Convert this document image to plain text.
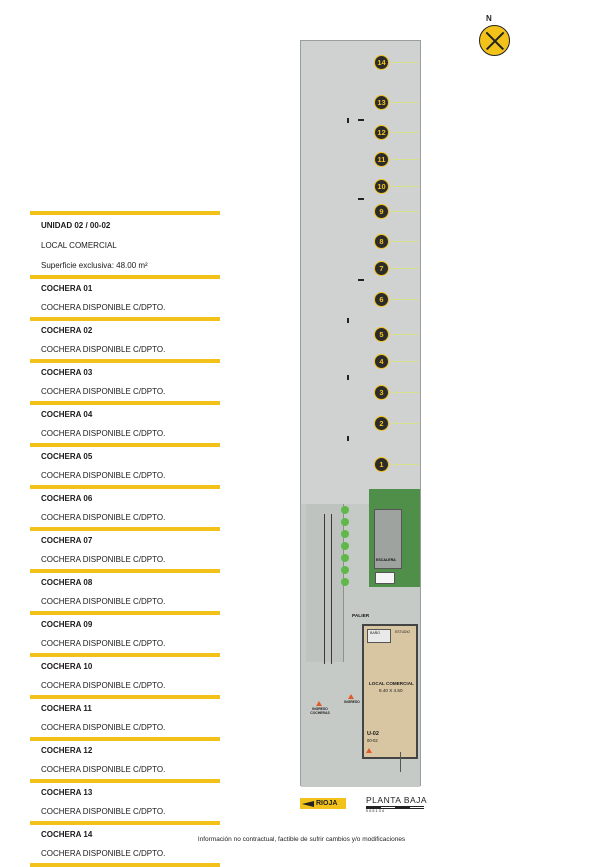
UNIDAD 02 / 00-02
LOCAL COMERCIAL
Superficie exclusiva: 48.00 m²
COCHERA 01
COCHERA DISPONIBLE C/DPTO.
COCHERA 02
COCHERA DISPONIBLE C/DPTO.
COCHERA 03
COCHERA DISPONIBLE C/DPTO.
COCHERA 04
COCHERA DISPONIBLE C/DPTO.
COCHERA 05
COCHERA DISPONIBLE C/DPTO.
COCHERA 06
COCHERA DISPONIBLE C/DPTO.
COCHERA 07
COCHERA DISPONIBLE C/DPTO.
COCHERA 08
COCHERA DISPONIBLE C/DPTO.
COCHERA 09
COCHERA DISPONIBLE C/DPTO.
COCHERA 10
COCHERA DISPONIBLE C/DPTO.
COCHERA 11
COCHERA DISPONIBLE C/DPTO.
COCHERA 12
COCHERA DISPONIBLE C/DPTO.
COCHERA 13
COCHERA DISPONIBLE C/DPTO.
COCHERA 14
COCHERA DISPONIBLE C/DPTO.
14
13
12
11
10
9
8
7
6
5
4
3
2
1
ESCALERA
PALIER
BAÑO	ESTUDIO
LOCAL COMERCIAL
8.40 X 4.50
U-02
00-02
INGRESO COCHERAS
INGRESO
N
RIOJA	PLANTA BAJA
0 0.5 1 3 4
Información no contractual, factible de sufrir cambios y/o modificaciones
